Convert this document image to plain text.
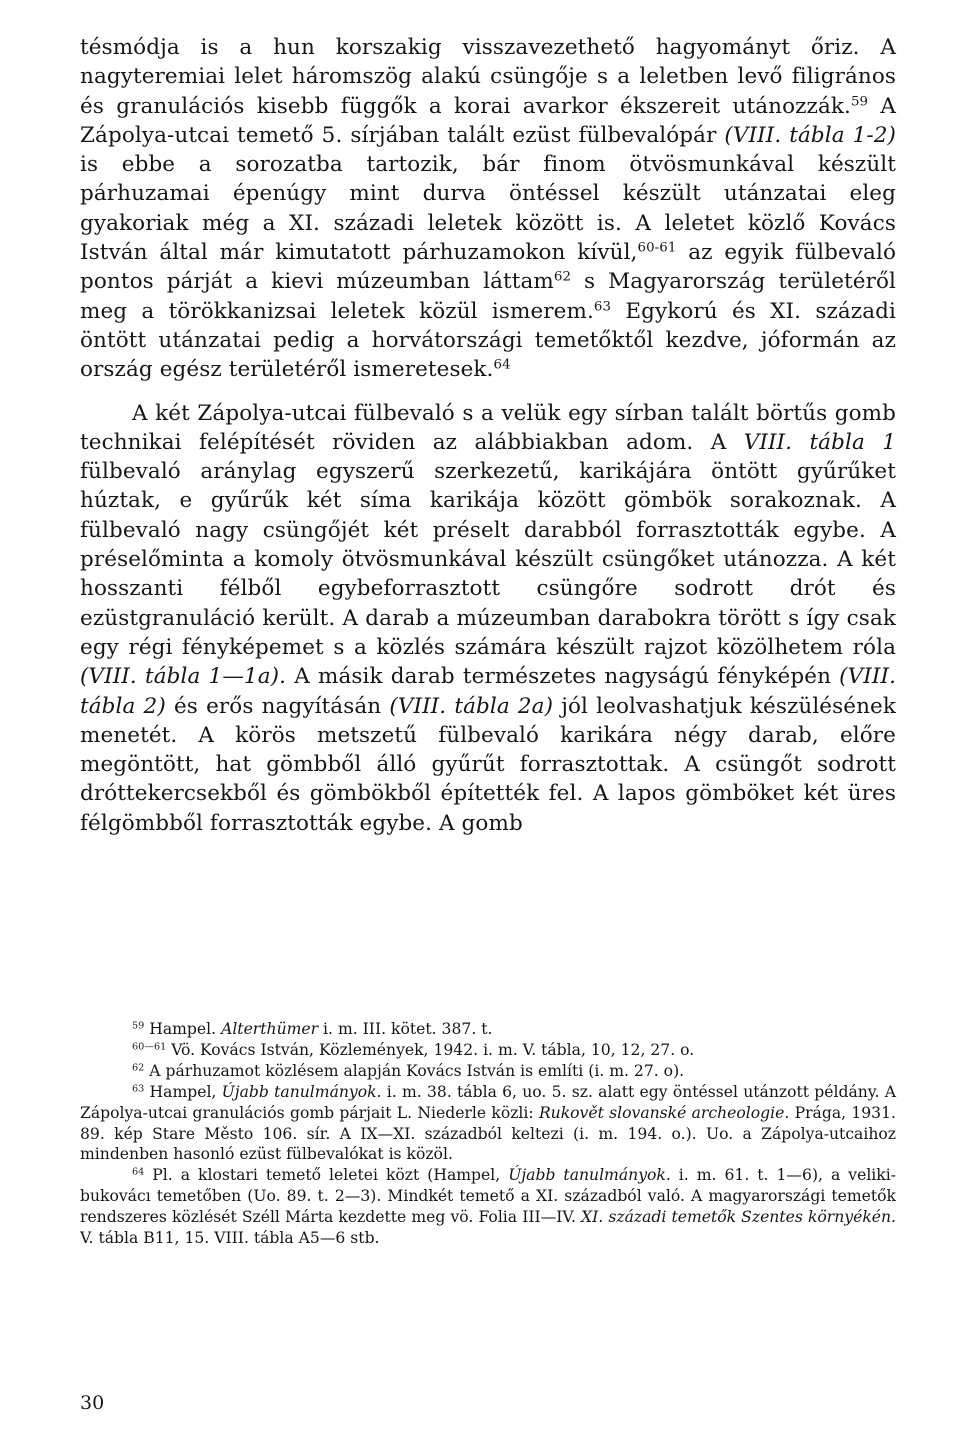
tésmódja is a hun korszakig visszavezethető hagyományt őriz. A nagyteremiai lelet háromszög alakú csüngője s a leletben levő filigrános és granulációs kisebb függők a korai avarkor ékszereit utánozzák.$^{59}$ A Zápolya-utcai temető 5. sírjában talált ezüst fülbevalópár (VIII. tábla 1-2) is ebbe a sorozatba tartozik, bár finom ötvösmunkával készült párhuzamai épenúgy mint durva öntéssel készült utánzatai eleg gyakoriak még a XI. századi leletek között is. A leletet közlő Kovács István által már kimutatott párhuzamokon kívül,$^{60-61}$ az egyik fülbevaló pontos párját a kievi múzeumban láttam$^{62}$ s Magyarország területéről meg a törökkanizsai leletek közül ismerem.$^{63}$ Egykorú és XI. századi öntött utánzatai pedig a horvátországi temetőktől kezdve, jóformán az ország egész területéről ismeretesek.$^{64}$

A két Zápolya-utcai fülbevaló s a velük egy sírban talált börtűs gomb technikai felépítését röviden az alábbiakban adom. A VIII. tábla 1 fülbevaló aránylag egyszerű szerkezetű, karikájára öntött gyűrűket húztak, e gyűrűk két síma karikája között gömbök sorakoznak. A fülbevaló nagy csüngőjét két préselt darabból forrasztották egybe. A préselőminta a komoly ötvösmunkával készült csüngőket utánozza. A két hosszanti félből egybeforrasztott csüngőre sodrott drót és ezüstgranuláció került. A darab a múzeumban darabokra törött s így csak egy régi fényképemet s a közlés számára készült rajzot közölhetem róla (VIII. tábla 1—1a). A másik darab természetes nagyságú fényképén (VIII. tábla 2) és erős nagyításán (VIII. tábla 2a) jól leolvashatjuk készülésének menetét. A körös metszetű fülbevaló karikára négy darab, előre megöntött, hat gömbből álló gyűrűt forrasztottak. A csüngőt sodrott dróttekercsekből és gömbökből építették fel. A lapos gömböket két üres félgömbből forrasztották egybe. A gomb

$^{59}$ Hampel. Alterthümer i. m. III. kötet. 387. t.

$^{60—61}$ Vö. Kovács István, Közlemények, 1942. i. m. V. tábla, 10, 12, 27. o.

$^{62}$ A párhuzamot közlésem alapján Kovács István is említi (i. m. 27. o).

$^{63}$ Hampel, Újabb tanulmányok. i. m. 38. tábla 6, uo. 5. sz. alatt egy öntéssel utánzott példány. A Zápolya-utcai granulációs gomb párjait L. Niederle közli: Rukovět slovanské archeologie. Prága, 1931. 89. kép Stare Město 106. sír. A IX—XI. századból keltezi (i. m. 194. o.). Uo. a Zápolya-utcaihoz mindenben hasonló ezüst fülbevalókat is közöl.

$^{64}$ Pl. a klostari temető leletei közt (Hampel, Újabb tanulmányok. i. m. 61. t. 1—6), a veliki-bukovácı temetőben (Uo. 89. t. 2—3). Mindkét temető a XI. századból való. A magyarországi temetők rendszeres közlését Széll Márta kezdette meg vö. Folia III—IV. XI. századi temetők Szentes környékén. V. tábla B11, 15. VIII. tábla A5—6 stb.

30
